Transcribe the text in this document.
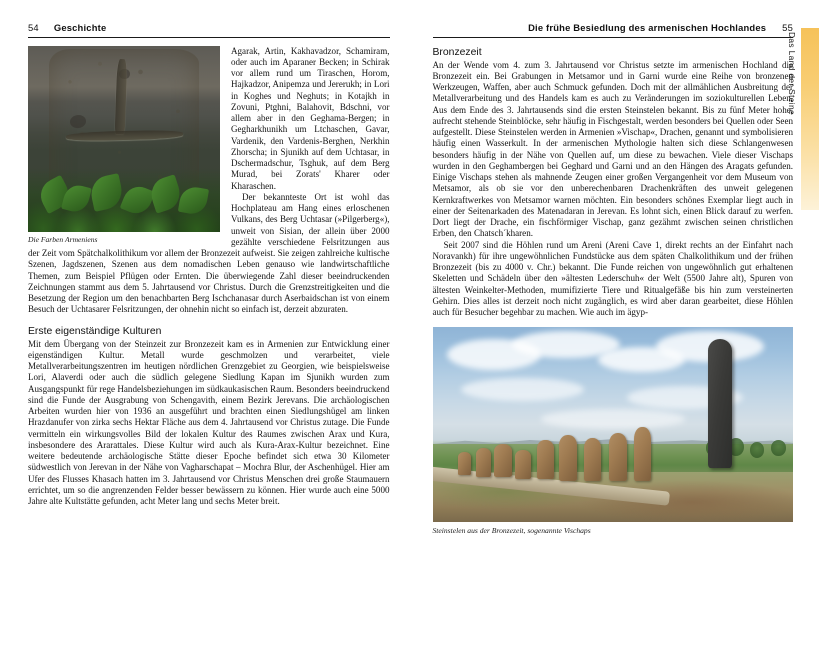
54 Geschichte
Die Farben Armeniens

Agarak, Artin, Kakhavadzor, Schamiram, oder auch im Aparaner Becken; in Schirak vor allem rund um Tiraschen, Horom, Hajkadzor, Anipemza und Jererukh; in Lori in Koghes und Neghuts; in Kotajkh in Zovuni, Ptghni, Balahovit, Bdschni, vor allem aber in den Geghama-Bergen; in Gegharkhunikh um Ltchaschen, Gavar, Vardenik, den Vardenis-Berghen, Nerkhin Zhorscha; in Sjunikh auf dem Uchtasar, in Dschermadschur, Tsghuk, auf dem Berg Murad, bei Zorats' Kharer oder Kharaschen.

Der bekannteste Ort ist wohl das Hochplateau am Hang eines erloschenen Vulkans, des Berg Uchtasar (»Pilgerberg«), unweit von Sisian, der allein über 2000 gezählte verschiedene Felsritzungen aus der Zeit vom Spätchalkolithikum vor allem der Bronzezeit aufweist. Sie zeigen zahlreiche kultische Szenen, Jagdszenen, Szenen aus dem nomadischen Leben genauso wie landwirtschaftliche Themen, zum Beispiel Pflügen oder Ernten. Die überwiegende Zahl dieser beeindruckenden Zeichnungen stammt aus dem 5. Jahrtausend vor Christus. Durch die Grenzstreitigkeiten und die Besetzung der Region um den benachbarten Berg Ischchanasar durch Aserbaidschan ist von einem Besuch der Uchtasarer Felsritzungen, der ohnehin nicht so einfach ist, derzeit abzuraten.

Erste eigenständige Kulturen

Mit dem Übergang von der Steinzeit zur Bronzezeit kam es in Armenien zur Entwicklung einer eigenständigen Kultur. Metall wurde geschmolzen und verarbeitet, viele Metallverarbeitungszentren im heutigen nördlichen Grenzgebiet zu Georgien, wie beispielsweise Lori, Alaverdi oder auch die südlich gelegene Siedlung Kapan im Sjunikh wurden zum Ausgangspunkt für rege Handelsbeziehungen im südkaukasischen Raum. Besonders beeindruckend sind die Funde der Ausgrabung von Schengavith, einem Bezirk Jerevans. Die archäologischen Arbeiten wurden hier von 1936 an ausgeführt und brachten einen Siedlungshügel am linken Hrazdanufer von zirka sechs Hektar Fläche aus dem 4. Jahrtausend vor Christus zutage. Die Funde vermitteln ein wirkungsvolles Bild der lokalen Kultur des Raumes zwischen Arax und Kura, insbesondere des Ararattales. Diese Kultur wird auch als Kura-Arax-Kultur bezeichnet. Eine weitere bedeutende archäologische Stätte dieser Epoche befindet sich etwa 30 Kilometer südwestlich von Jerevan in der Nähe von Vagharschapat – Mochra Blur, der Aschenhügel. Hier am Ufer des Flusses Khasach hatten im 3. Jahrtausend vor Christus Menschen drei große Staumauern errichtet, um so die angrenzenden Felder besser bewässern zu können. Hier wurde auch eine 5000 Jahre alte Kultstätte gefunden, acht Meter lang und sechs Meter breit.

Das Land der Steine
Die frühe Besiedlung des armenischen Hochlandes 55
Bronzezeit

An der Wende vom 4. zum 3. Jahrtausend vor Christus setzte im armenischen Hochland die Bronzezeit ein. Bei Grabungen in Metsamor und in Garni wurde eine Reihe von bronzenen Werkzeugen, Waffen, aber auch Schmuck gefunden. Doch mit der allmählichen Ausbreitung der Metallverarbeitung und des Handels kam es auch zu Veränderungen im soziokulturellen Leben. Aus dem Ende des 3. Jahrtausends sind die ersten Steinstelen bekannt. Bis zu fünf Meter hohe, aufrecht stehende Steinblöcke, sehr häufig in Fischgestalt, werden besonders bei Quellen oder Seen aufgestellt. Diese Steinstelen werden in Armenien »Vischap«, Drachen, genannt und symbolisieren häufig einen Wasserkult. In der armenischen Mythologie halten sich diese Schlangenwesen besonders häufig in der Nähe von Quellen auf, um diese zu bewachen. Viele dieser Vischaps wurden in den Geghambergen bei Geghard und Garni und an den Hängen des Aragats gefunden. Einige Vischaps stehen als mahnende Zeugen einer großen Vergangenheit vor dem Museum von Metsamor, als ob sie vor den unberechenbaren Drachenkräften des unweit gelegenen Kernkraftwerkes von Metsamor warnen möchten. Ein besonders schönes Exemplar liegt auch in einer der Seitenarkaden des Matenadaran in Jerevan. Es lohnt sich, einen Blick darauf zu werfen. Dort liegt der Drache, ein fischförmiger Vischap, ganz gezähmt zwischen seinen christlichen Erben, den Chatsch´kharen.

Seit 2007 sind die Höhlen rund um Areni (Areni Cave 1, direkt rechts an der Einfahrt nach Noravankh) für ihre ungewöhnlichen Fundstücke aus dem späten Chalkolithikum und der frühen Bronzezeit (bis zu 4000 v. Chr.) bekannt. Die Funde reichen von ungewöhnlich gut erhaltenen Skeletten und Schädeln über den »ältesten Lederschuh« der Welt (5500 Jahre alt), Spuren von ältesten Weinkelter-Methoden, mumifizierte Tiere und Ritualgefäße bis hin zum versteinerten Gehirn. Dies alles ist derzeit noch nicht zugänglich, es wird aber daran gearbeitet, diese Höhlen auch für Besucher begehbar zu machen. Wie auch im ägyp-

Steinstelen aus der Bronzezeit, sogenannte Vischaps
